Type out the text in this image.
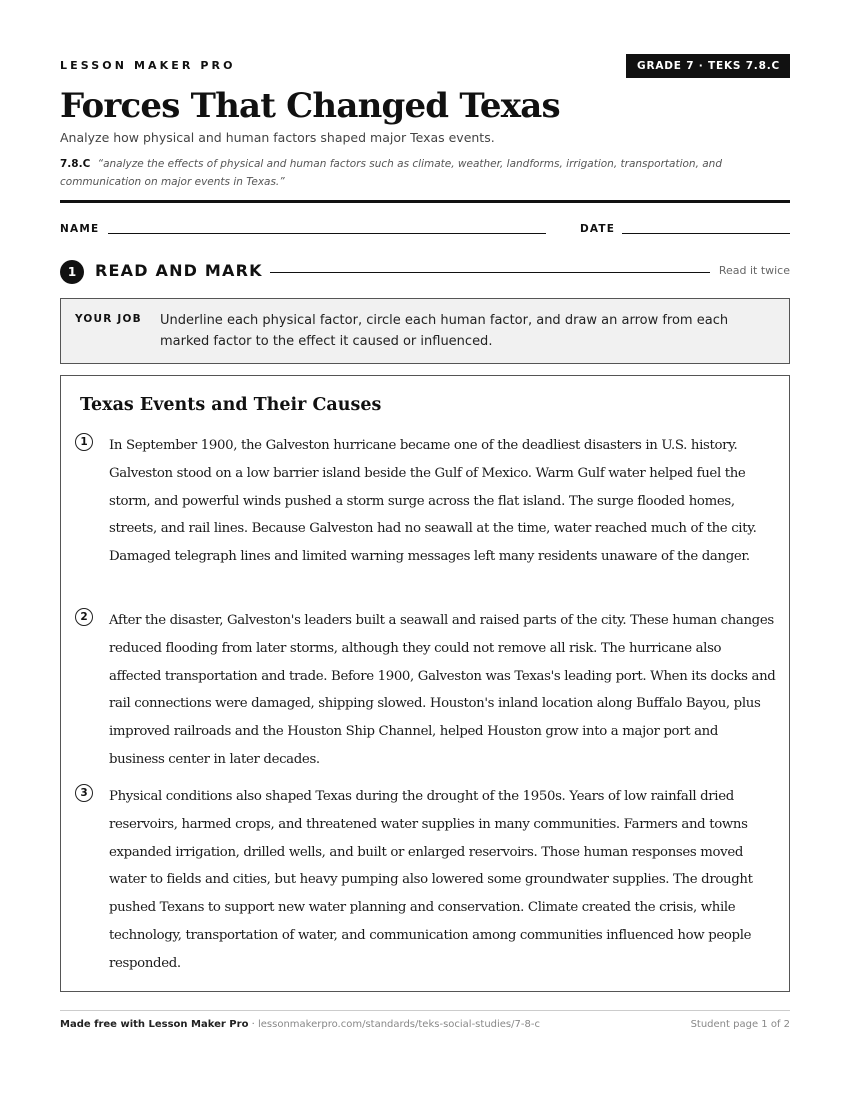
LESSON MAKER PRO	GRADE 7 · TEKS 7.8.C
Forces That Changed Texas
Analyze how physical and human factors shaped major Texas events.
7.8.C “analyze the effects of physical and human factors such as climate, weather, landforms, irrigation, transportation, and communication on major events in Texas.”
NAME	DATE
1	READ AND MARK	Read it twice
YOUR JOB Underline each physical factor, circle each human factor, and draw an arrow from each marked factor to the effect it caused or influenced.
Texas Events and Their Causes
1	In September 1900, the Galveston hurricane became one of the deadliest disasters in U.S. history. Galveston stood on a low barrier island beside the Gulf of Mexico. Warm Gulf water helped fuel the storm, and powerful winds pushed a storm surge across the flat island. The surge flooded homes, streets, and rail lines. Because Galveston had no seawall at the time, water reached much of the city. Damaged telegraph lines and limited warning messages left many residents unaware of the danger.
2	After the disaster, Galveston's leaders built a seawall and raised parts of the city. These human changes reduced flooding from later storms, although they could not remove all risk. The hurricane also affected transportation and trade. Before 1900, Galveston was Texas's leading port. When its docks and rail connections were damaged, shipping slowed. Houston's inland location along Buffalo Bayou, plus improved railroads and the Houston Ship Channel, helped Houston grow into a major port and business center in later decades.
3	Physical conditions also shaped Texas during the drought of the 1950s. Years of low rainfall dried reservoirs, harmed crops, and threatened water supplies in many communities. Farmers and towns expanded irrigation, drilled wells, and built or enlarged reservoirs. Those human responses moved water to fields and cities, but heavy pumping also lowered some groundwater supplies. The drought pushed Texans to support new water planning and conservation. Climate created the crisis, while technology, transportation of water, and communication among communities influenced how people responded.
Made free with Lesson Maker Pro · lessonmakerpro.com/standards/teks-social-studies/7-8-c	Student page 1 of 2
